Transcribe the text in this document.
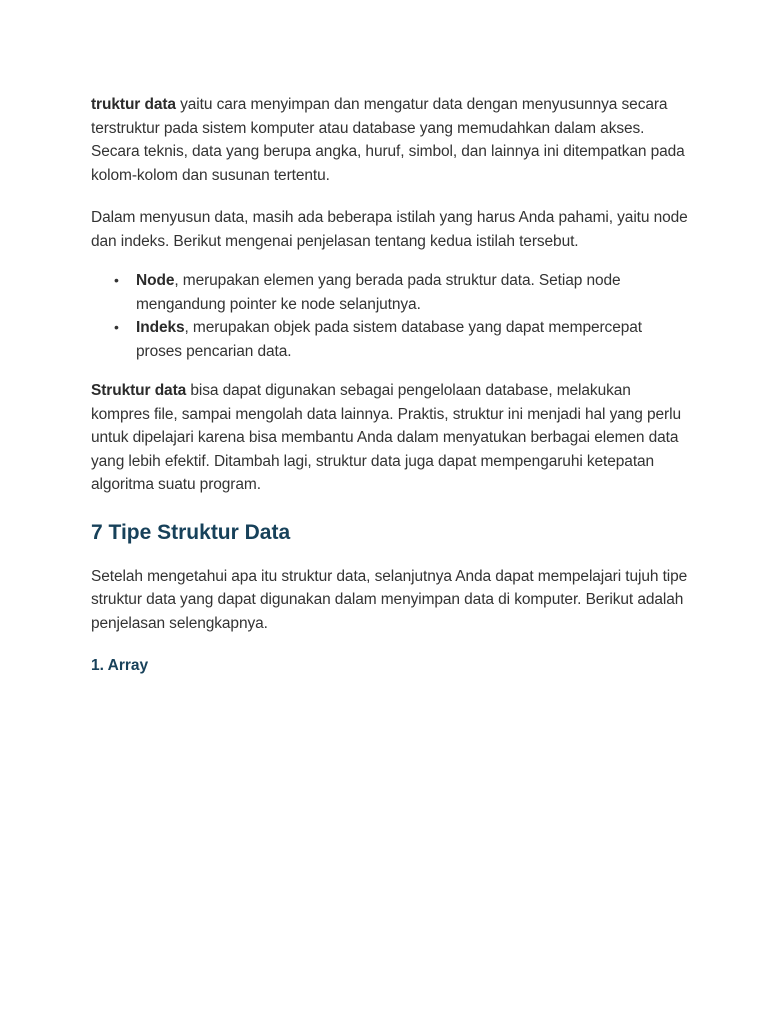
truktur data yaitu cara menyimpan dan mengatur data dengan menyusunnya secara terstruktur pada sistem komputer atau database yang memudahkan dalam akses. Secara teknis, data yang berupa angka, huruf, simbol, dan lainnya ini ditempatkan pada kolom-kolom dan susunan tertentu.

Dalam menyusun data, masih ada beberapa istilah yang harus Anda pahami, yaitu node dan indeks. Berikut mengenai penjelasan tentang kedua istilah tersebut.

• Node, merupakan elemen yang berada pada struktur data. Setiap node mengandung pointer ke node selanjutnya.
• Indeks, merupakan objek pada sistem database yang dapat mempercepat proses pencarian data.

Struktur data bisa dapat digunakan sebagai pengelolaan database, melakukan kompres file, sampai mengolah data lainnya. Praktis, struktur ini menjadi hal yang perlu untuk dipelajari karena bisa membantu Anda dalam menyatukan berbagai elemen data yang lebih efektif. Ditambah lagi, struktur data juga dapat mempengaruhi ketepatan algoritma suatu program.

7 Tipe Struktur Data

Setelah mengetahui apa itu struktur data, selanjutnya Anda dapat mempelajari tujuh tipe struktur data yang dapat digunakan dalam menyimpan data di komputer. Berikut adalah penjelasan selengkapnya.

1. Array
